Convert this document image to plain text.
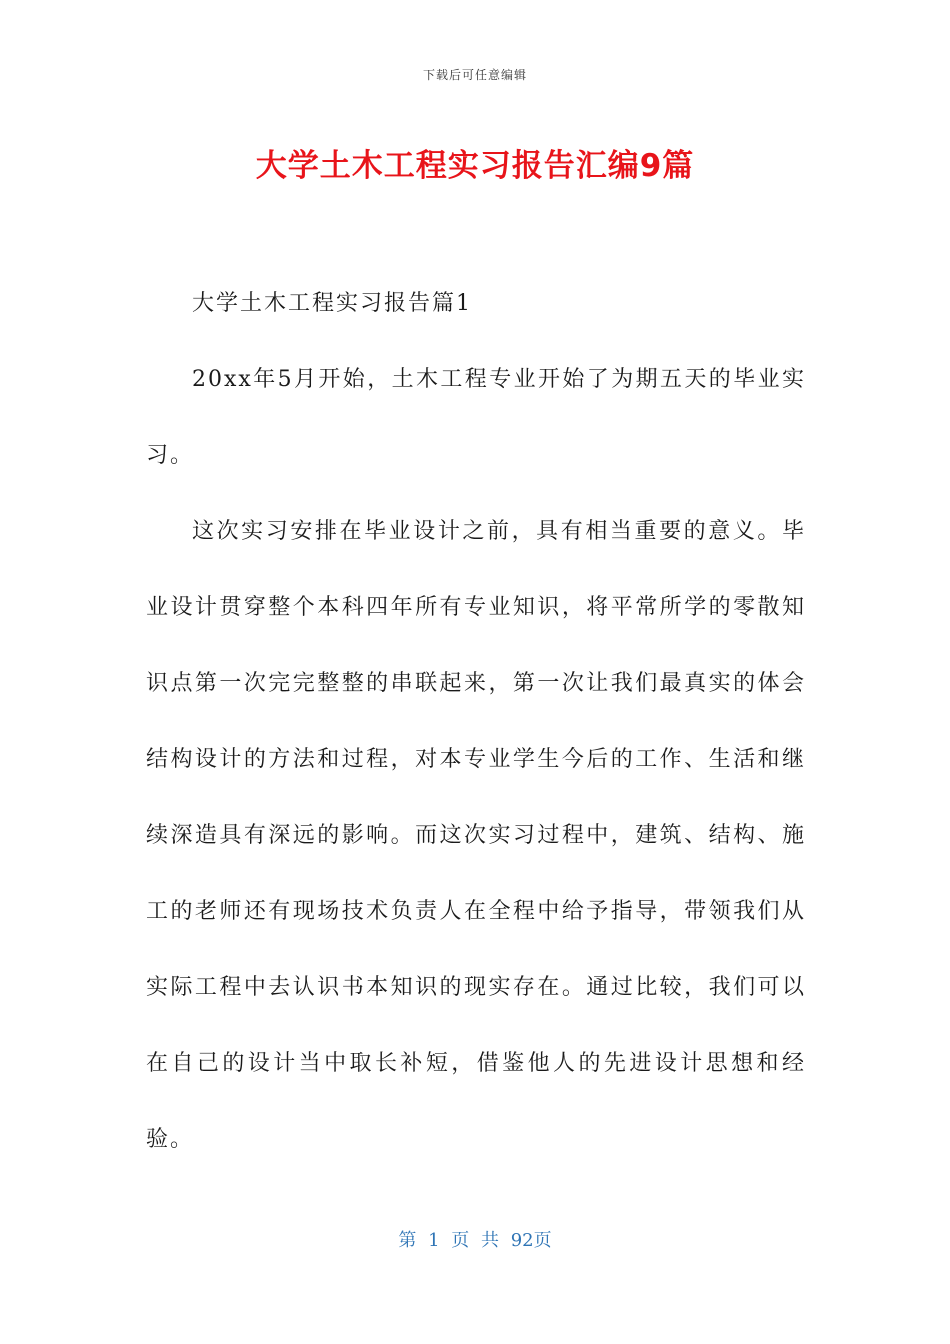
下载后可任意编辑
大学土木工程实习报告汇编9篇

大学土木工程实习报告篇1

20xx年5月开始，土木工程专业开始了为期五天的毕业实习。

这次实习安排在毕业设计之前，具有相当重要的意义。毕业设计贯穿整个本科四年所有专业知识，将平常所学的零散知识点第一次完完整整的串联起来，第一次让我们最真实的体会结构设计的方法和过程，对本专业学生今后的工作、生活和继续深造具有深远的影响。而这次实习过程中，建筑、结构、施工的老师还有现场技术负责人在全程中给予指导，带领我们从实际工程中去认识书本知识的现实存在。通过比较，我们可以在自己的设计当中取长补短，借鉴他人的先进设计思想和经验。

第 1 页 共 92页
